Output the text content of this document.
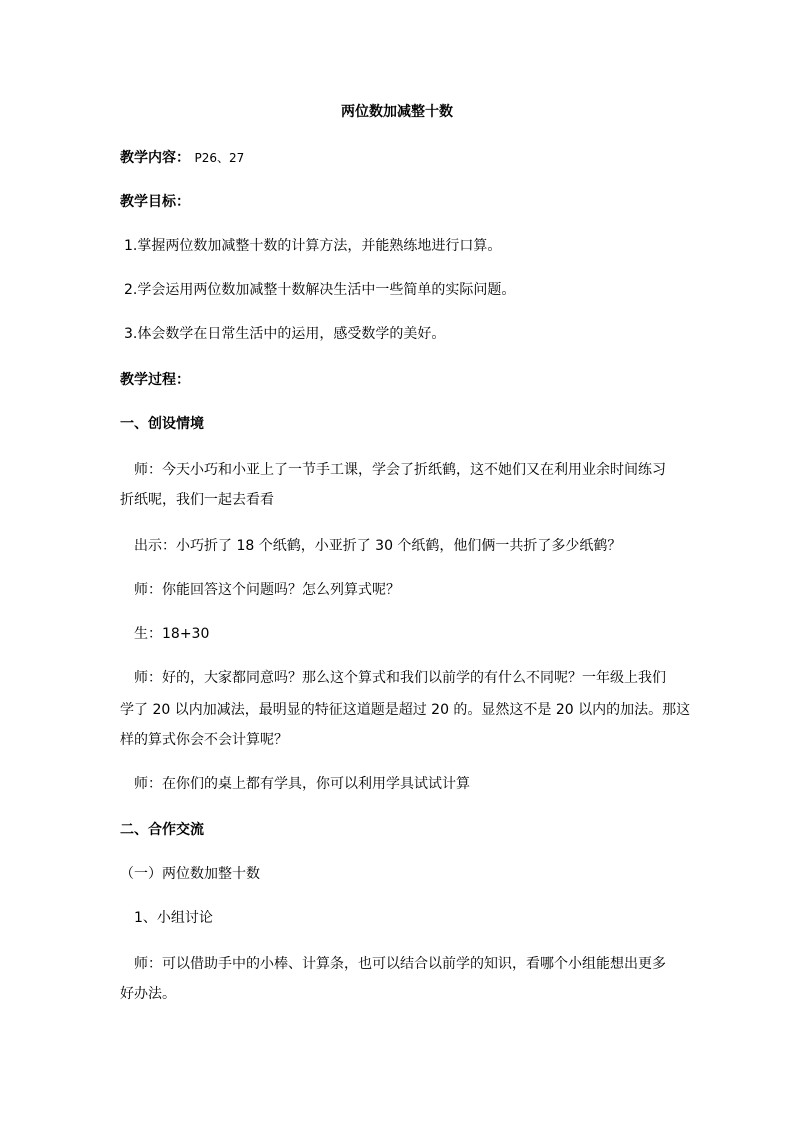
两位数加减整十数
教学内容： P26、27
教学目标：
1.掌握两位数加减整十数的计算方法，并能熟练地进行口算。
2.学会运用两位数加减整十数解决生活中一些简单的实际问题。
3.体会数学在日常生活中的运用，感受数学的美好。
教学过程：
一、创设情境
师：今天小巧和小亚上了一节手工课，学会了折纸鹤，这不她们又在利用业余时间练习
折纸呢，我们一起去看看
出示：小巧折了 18 个纸鹤，小亚折了 30 个纸鹤，他们俩一共折了多少纸鹤？
师：你能回答这个问题吗？怎么列算式呢？
生：18+30
师：好的，大家都同意吗？那么这个算式和我们以前学的有什么不同呢？一年级上我们
学了 20 以内加减法，最明显的特征这道题是超过 20 的。显然这不是 20 以内的加法。那这
样的算式你会不会计算呢？
师：在你们的桌上都有学具，你可以利用学具试试计算
二、合作交流
（一）两位数加整十数
1、小组讨论
师：可以借助手中的小棒、计算条，也可以结合以前学的知识，看哪个小组能想出更多
好办法。
